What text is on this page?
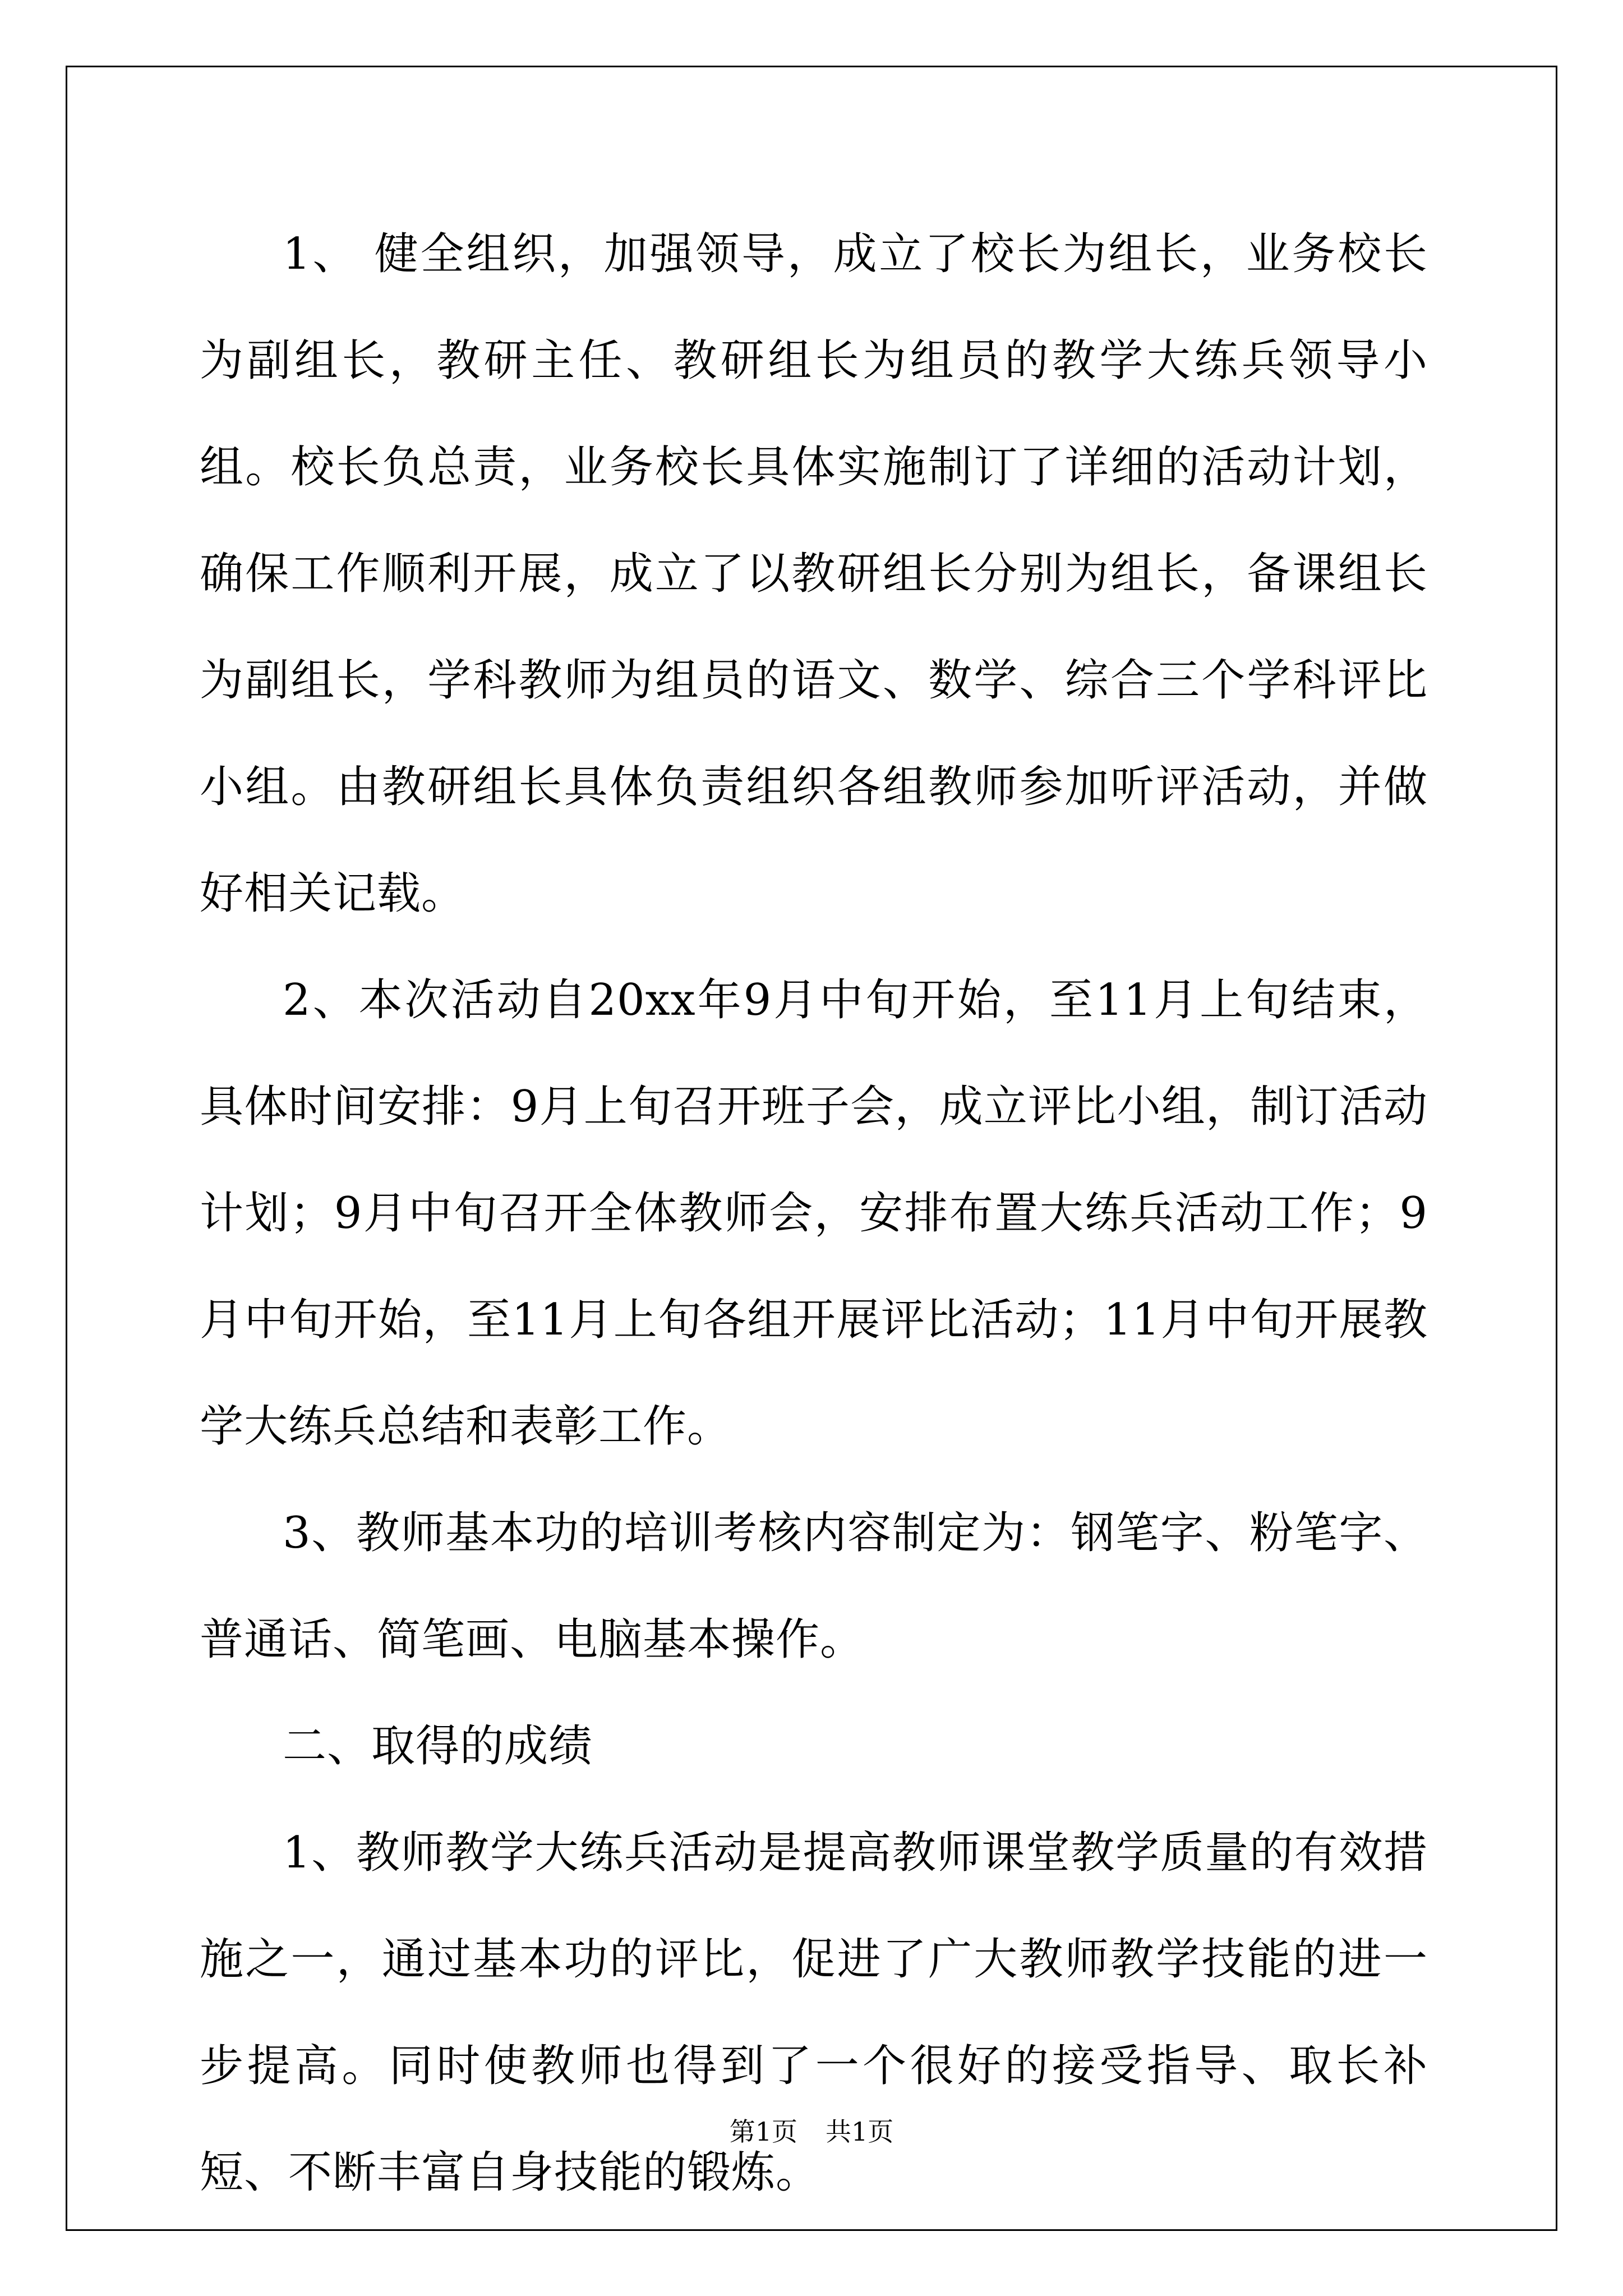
1、 健全组织，加强领导，成立了校长为组长，业务校长为副组长，教研主任、教研组长为组员的教学大练兵领导小组。校长负总责，业务校长具体实施制订了详细的活动计划，确保工作顺利开展，成立了以教研组长分别为组长，备课组长为副组长，学科教师为组员的语文、数学、综合三个学科评比小组。由教研组长具体负责组织各组教师参加听评活动，并做好相关记载。

2、本次活动自20xx年9月中旬开始，至11月上旬结束，具体时间安排：9月上旬召开班子会，成立评比小组，制订活动计划；9月中旬召开全体教师会，安排布置大练兵活动工作；9月中旬开始，至11月上旬各组开展评比活动；11月中旬开展教学大练兵总结和表彰工作。

3、教师基本功的培训考核内容制定为：钢笔字、粉笔字、普通话、简笔画、电脑基本操作。

二、取得的成绩

1、教师教学大练兵活动是提高教师课堂教学质量的有效措施之一，通过基本功的评比，促进了广大教师教学技能的进一步提高。同时使教师也得到了一个很好的接受指导、取长补短、不断丰富自身技能的锻炼。

第1页 共1页
